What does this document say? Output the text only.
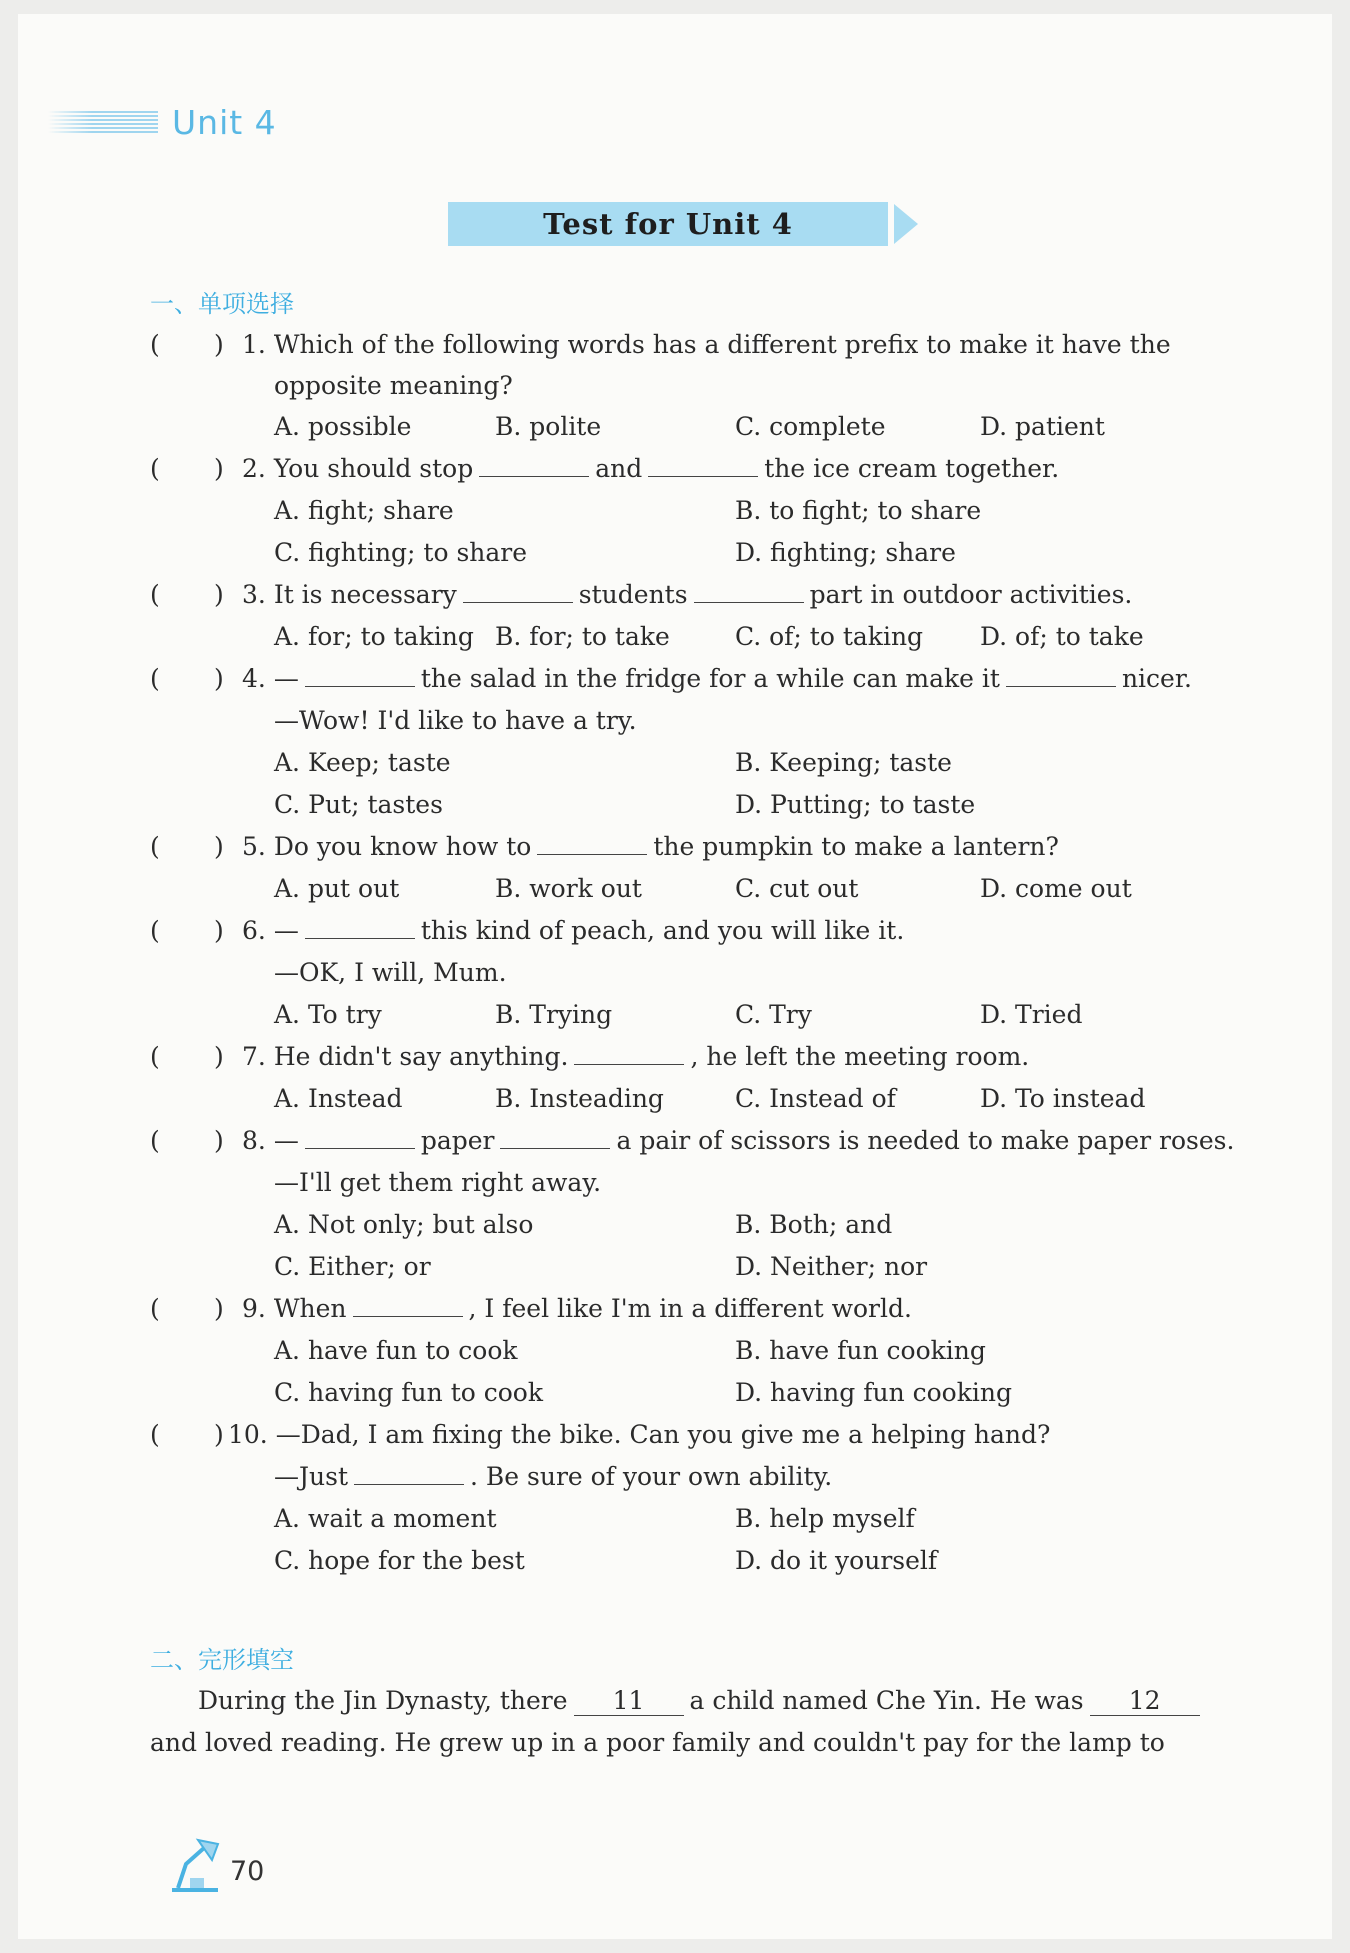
Unit 4
Test for Unit 4
一、单项选择
( ) 1. Which of the following words has a different prefix to make it have the
opposite meaning?
A. possible	B. polite	C. complete	D. patient
( ) 2. You should stop	and	the ice cream together.
A. fight; share	B. to fight; to share
C. fighting; to share	D. fighting; share
( ) 3. It is necessary	students	part in outdoor activities.
A. for; to taking B. for; to take	C. of; to taking D. of; to take
( ) 4. —	the salad in the fridge for a while can make it	nicer.
—Wow! I'd like to have a try.
A. Keep; taste	B. Keeping; taste
C. Put; tastes	D. Putting; to taste
( ) 5. Do you know how to	the pumpkin to make a lantern?
A. put out	B. work out	C. cut out	D. come out
( ) 6. —	this kind of peach, and you will like it.
—OK, I will, Mum.
A. To try	B. Trying	C. Try	D. Tried
( ) 7. He didn't say anything.	, he left the meeting room.
A. Instead	B. Insteading	C. Instead of	D. To instead
( ) 8. —	paper	a pair of scissors is needed to make paper roses.
—I'll get them right away.
A. Not only; but also	B. Both; and
C. Either; or	D. Neither; nor
( ) 9. When	, I feel like I'm in a different world.
A. have fun to cook	B. have fun cooking
C. having fun to cook	D. having fun cooking
( ) 10. —Dad, I am fixing the bike. Can you give me a helping hand?
—Just	. Be sure of your own ability.
A. wait a moment	B. help myself
C. hope for the best	D. do it yourself
二、完形填空
During the Jin Dynasty, there 11 a child named Che Yin. He was 12
and loved reading. He grew up in a poor family and couldn't pay for the lamp to
70
